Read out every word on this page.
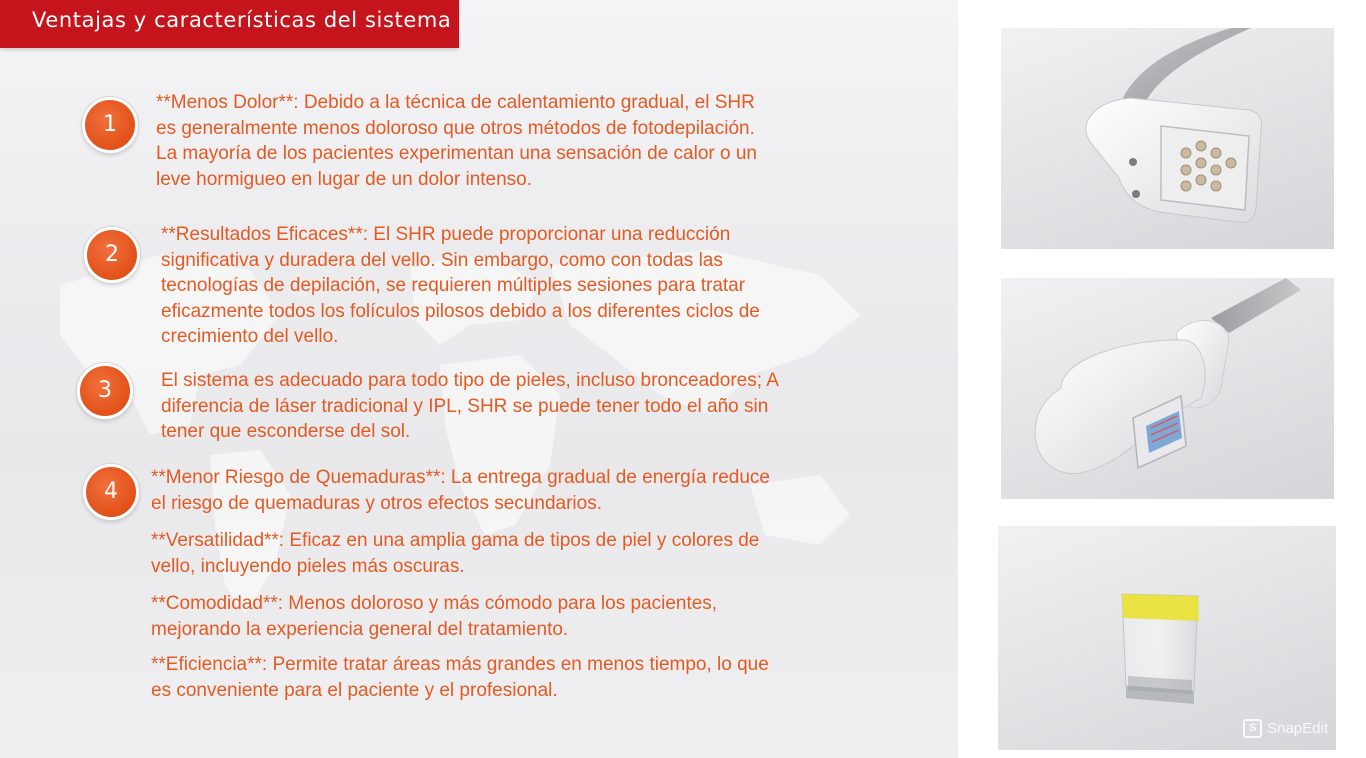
Ventajas y características del sistema
1
**Menos Dolor**: Debido a la técnica de calentamiento gradual, el SHR
es generalmente menos doloroso que otros métodos de fotodepilación.
La mayoría de los pacientes experimentan una sensación de calor o un
leve hormigueo en lugar de un dolor intenso.
2
**Resultados Eficaces**: El SHR puede proporcionar una reducción
significativa y duradera del vello. Sin embargo, como con todas las
tecnologías de depilación, se requieren múltiples sesiones para tratar
eficazmente todos los folículos pilosos debido a los diferentes ciclos de
crecimiento del vello.
3	El sistema es adecuado para todo tipo de pieles, incluso bronceadores; A
diferencia de láser tradicional y IPL, SHR se puede tener todo el año sin
tener que esconderse del sol.
4
**Menor Riesgo de Quemaduras**: La entrega gradual de energía reduce
el riesgo de quemaduras y otros efectos secundarios.
**Versatilidad**: Eficaz en una amplia gama de tipos de piel y colores de
vello, incluyendo pieles más oscuras.
**Comodidad**: Menos doloroso y más cómodo para los pacientes,
mejorando la experiencia general del tratamiento.
**Eficiencia**: Permite tratar áreas más grandes en menos tiempo, lo que
es conveniente para el paciente y el profesional.
S SnapEdit
